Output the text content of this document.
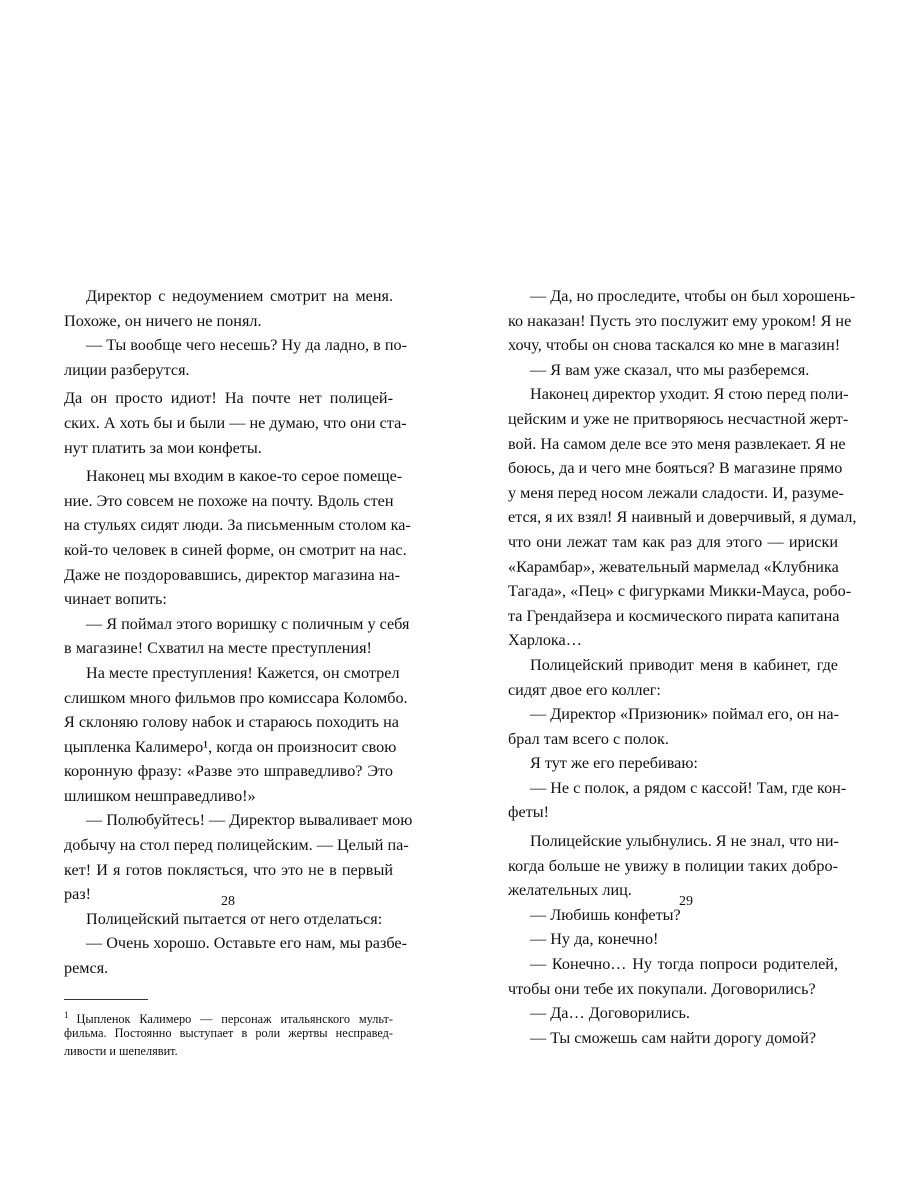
Директор с недоумением смотрит на меня.
Похоже, он ничего не понял.
— Ты вообще чего несешь? Ну да ладно, в по-
лиции разберутся.
Да он просто идиот! На почте нет полицей-
ских. А хоть бы и были — не думаю, что они ста-
нут платить за мои конфеты.
Наконец мы входим в какое-то серое помеще-
ние. Это совсем не похоже на почту. Вдоль стен
на стульях сидят люди. За письменным столом ка-
кой-то человек в синей форме, он смотрит на нас.
Даже не поздоровавшись, директор магазина на-
чинает вопить:
— Я поймал этого воришку с поличным у себя
в магазине! Схватил на месте преступления!
На месте преступления! Кажется, он смотрел
слишком много фильмов про комиссара Коломбо.
Я склоняю голову набок и стараюсь походить на
цыпленка Калимеро¹, когда он произносит свою
коронную фразу: «Разве это шправедливо? Это
шлишком нешправедливо!»
— Полюбуйтесь! — Директор вываливает мою
добычу на стол перед полицейским. — Целый па-
кет! И я готов поклясться, что это не в первый
раз!
Полицейский пытается от него отделаться:
— Очень хорошо. Оставьте его нам, мы разбе-
ремся.
$^1$ Цыпленок Калимеро — персонаж итальянского мульт-
фильма. Постоянно выступает в роли жертвы несправед-
ливости и шепелявит.
28
— Да, но проследите, чтобы он был хорошень-
ко наказан! Пусть это послужит ему уроком! Я не
хочу, чтобы он снова таскался ко мне в магазин!
— Я вам уже сказал, что мы разберемся.
Наконец директор уходит. Я стою перед поли-
цейским и уже не притворяюсь несчастной жерт-
вой. На самом деле все это меня развлекает. Я не
боюсь, да и чего мне бояться? В магазине прямо
у меня перед носом лежали сладости. И, разуме-
ется, я их взял! Я наивный и доверчивый, я думал,
что они лежат там как раз для этого — ириски
«Карамбар», жевательный мармелад «Клубника
Тагада», «Пец» с фигурками Микки-Мауса, робо-
та Грендайзера и космического пирата капитана
Харлока…
Полицейский приводит меня в кабинет, где
сидят двое его коллег:
— Директор «Призюник» поймал его, он на-
брал там всего с полок.
Я тут же его перебиваю:
— Не с полок, а рядом с кассой! Там, где кон-
феты!
Полицейские улыбнулись. Я не знал, что ни-
когда больше не увижу в полиции таких добро-
желательных лиц.
— Любишь конфеты?
— Ну да, конечно!
— Конечно… Ну тогда попроси родителей,
чтобы они тебе их покупали. Договорились?
— Да… Договорились.
— Ты сможешь сам найти дорогу домой?
29
